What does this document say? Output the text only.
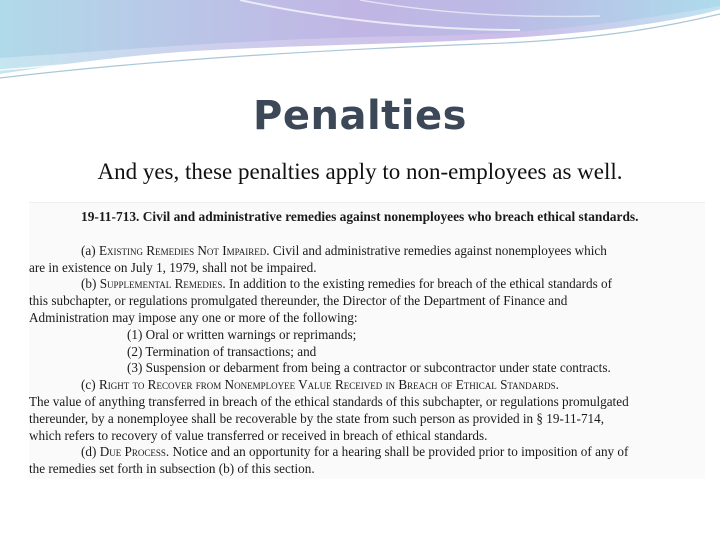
Penalties
And yes, these penalties apply to non-employees as well.

19-11-713. Civil and administrative remedies against nonemployees who breach ethical standards.

(a) Existing Remedies Not Impaired. Civil and administrative remedies against nonemployees which

are in existence on July 1, 1979, shall not be impaired.

(b) Supplemental Remedies. In addition to the existing remedies for breach of the ethical standards of

this subchapter, or regulations promulgated thereunder, the Director of the Department of Finance and

Administration may impose any one or more of the following:

(1) Oral or written warnings or reprimands;

(2) Termination of transactions; and

(3) Suspension or debarment from being a contractor or subcontractor under state contracts.

(c) Right to Recover from Nonemployee Value Received in Breach of Ethical Standards.

The value of anything transferred in breach of the ethical standards of this subchapter, or regulations promulgated

thereunder, by a nonemployee shall be recoverable by the state from such person as provided in § 19-11-714,

which refers to recovery of value transferred or received in breach of ethical standards.

(d) Due Process. Notice and an opportunity for a hearing shall be provided prior to imposition of any of

the remedies set forth in subsection (b) of this section.
